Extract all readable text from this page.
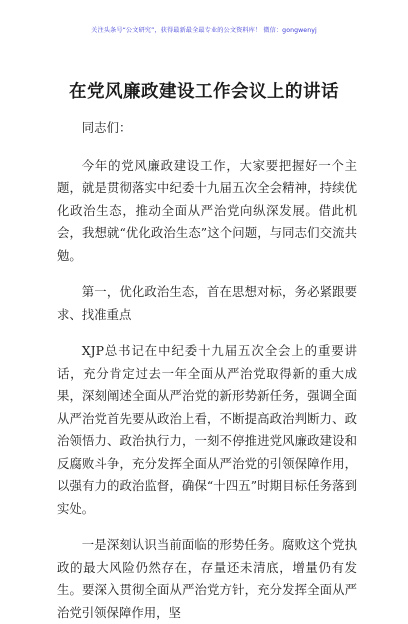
关注头条号“公文研究”，获得最新最全最专业的公文资料库！ 微信：gongwenyj
在党风廉政建设工作会议上的讲话

同志们：

今年的党风廉政建设工作，大家要把握好一个主题，就是贯彻落实中纪委十九届五次全会精神，持续优化政治生态，推动全面从严治党向纵深发展。借此机会，我想就“优化政治生态”这个问题，与同志们交流共勉。

第一，优化政治生态，首在思想对标，务必紧跟要求、找准重点

XJP总书记在中纪委十九届五次全会上的重要讲话，充分肯定过去一年全面从严治党取得新的重大成果，深刻阐述全面从严治党的新形势新任务，强调全面从严治党首先要从政治上看，不断提高政治判断力、政治领悟力、政治执行力，一刻不停推进党风廉政建设和反腐败斗争，充分发挥全面从严治党的引领保障作用，以强有力的政治监督，确保“十四五”时期目标任务落到实处。

一是深刻认识当前面临的形势任务。腐败这个党执政的最大风险仍然存在，存量还未清底，增量仍有发生。要深入贯彻全面从严治党方针，充分发挥全面从严治党引领保障作用，坚
